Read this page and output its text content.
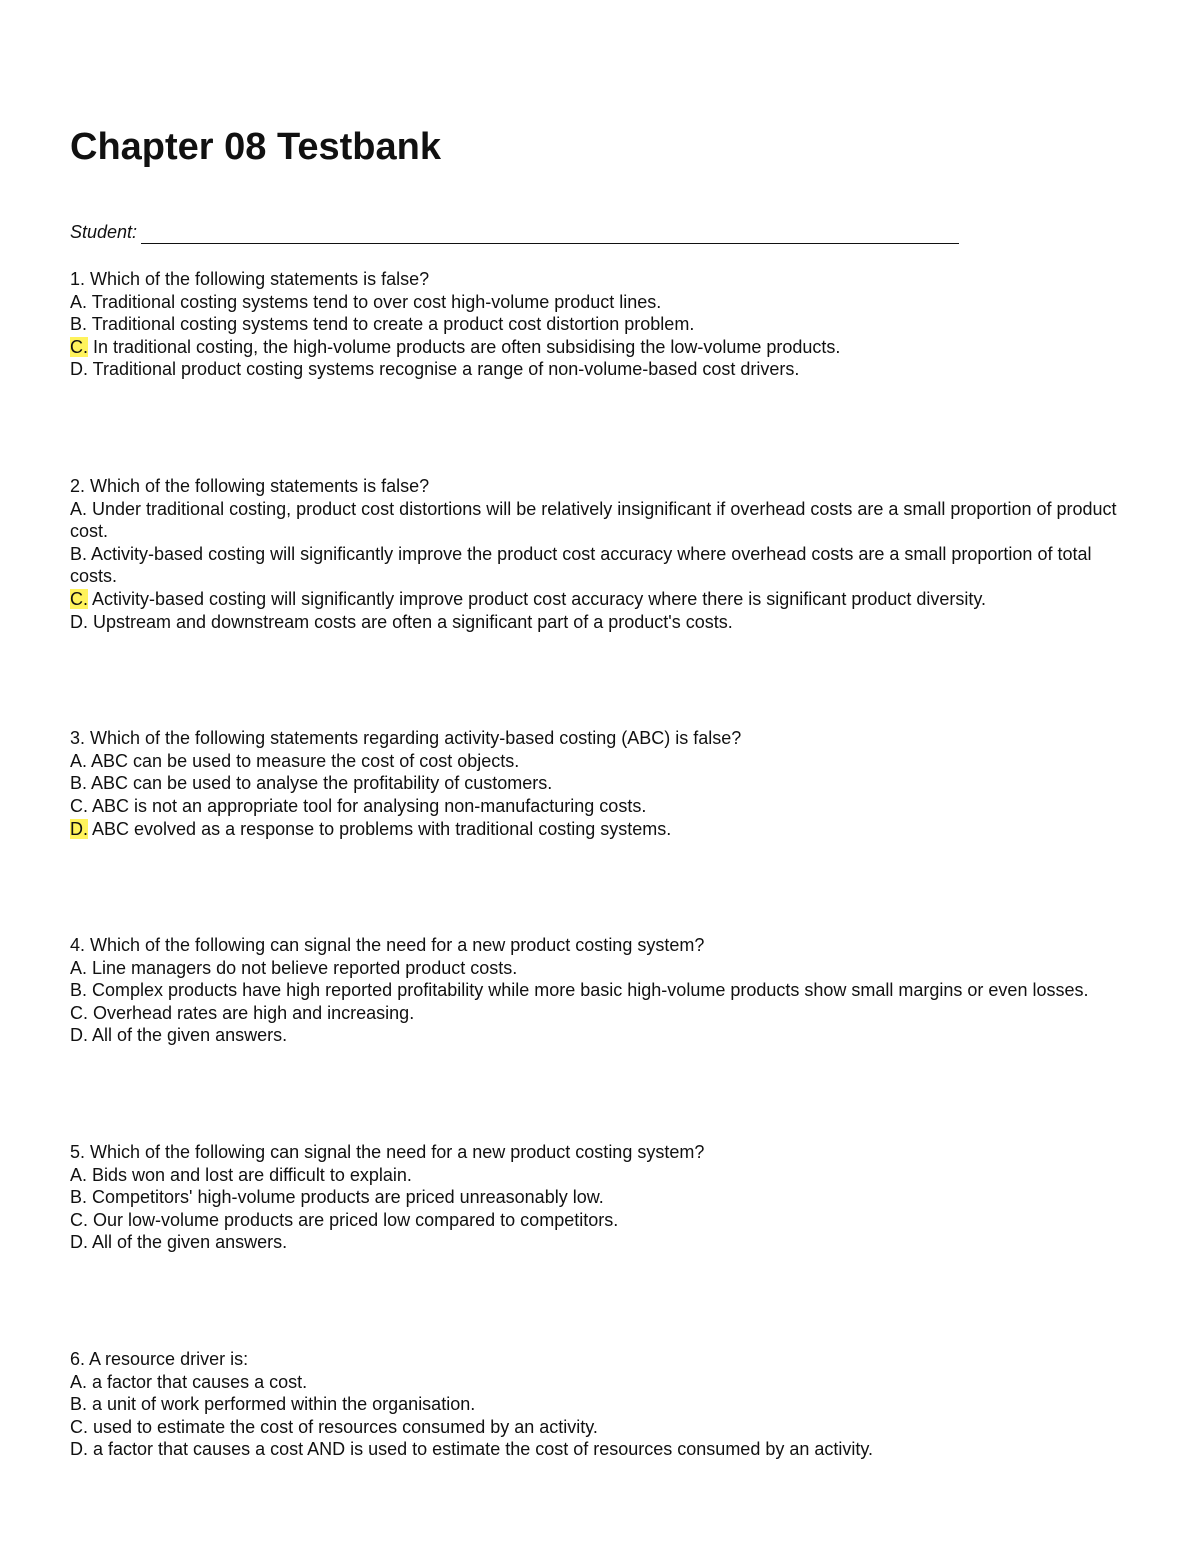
Chapter 08 Testbank
Student:
1. Which of the following statements is false?
A. Traditional costing systems tend to over cost high-volume product lines.
B. Traditional costing systems tend to create a product cost distortion problem.
C. In traditional costing, the high-volume products are often subsidising the low-volume products.
D. Traditional product costing systems recognise a range of non-volume-based cost drivers.
2. Which of the following statements is false?
A. Under traditional costing, product cost distortions will be relatively insignificant if overhead costs are a small proportion of product cost.
B. Activity-based costing will significantly improve the product cost accuracy where overhead costs are a small proportion of total costs.
C. Activity-based costing will significantly improve product cost accuracy where there is significant product diversity.
D. Upstream and downstream costs are often a significant part of a product's costs.
3. Which of the following statements regarding activity-based costing (ABC) is false?
A. ABC can be used to measure the cost of cost objects.
B. ABC can be used to analyse the profitability of customers.
C. ABC is not an appropriate tool for analysing non-manufacturing costs.
D. ABC evolved as a response to problems with traditional costing systems.
4. Which of the following can signal the need for a new product costing system?
A. Line managers do not believe reported product costs.
B. Complex products have high reported profitability while more basic high-volume products show small margins or even losses.
C. Overhead rates are high and increasing.
D. All of the given answers.
5. Which of the following can signal the need for a new product costing system?
A. Bids won and lost are difficult to explain.
B. Competitors' high-volume products are priced unreasonably low.
C. Our low-volume products are priced low compared to competitors.
D. All of the given answers.
6. A resource driver is:
A. a factor that causes a cost.
B. a unit of work performed within the organisation.
C. used to estimate the cost of resources consumed by an activity.
D. a factor that causes a cost AND is used to estimate the cost of resources consumed by an activity.
